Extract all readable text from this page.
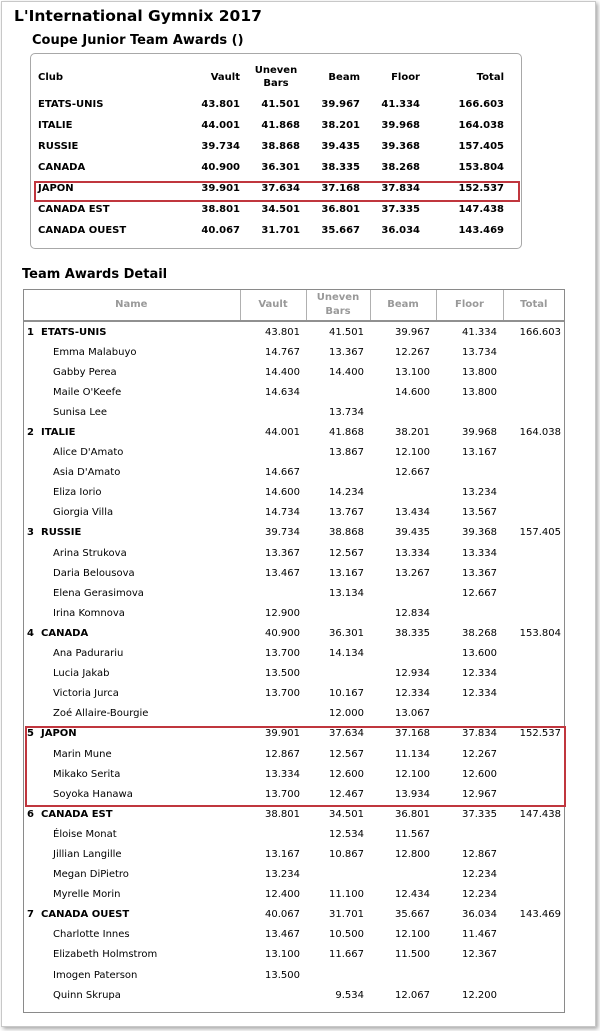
L'International Gymnix 2017
Coupe Junior Team Awards ()
Club	Vault	Uneven Bars	Beam	Floor	Total
ETATS-UNIS	43.801	41.501	39.967	41.334	166.603
ITALIE	44.001	41.868	38.201	39.968	164.038
RUSSIE	39.734	38.868	39.435	39.368	157.405
CANADA	40.900	36.301	38.335	38.268	153.804
JAPON	39.901	37.634	37.168	37.834	152.537
CANADA EST	38.801	34.501	36.801	37.335	147.438
CANADA OUEST	40.067	31.701	35.667	36.034	143.469
Team Awards Detail
Name	Vault	Uneven Bars	Beam	Floor	Total
1 ETATS-UNIS	43.801	41.501	39.967	41.334	166.603
Emma Malabuyo	14.767	13.367	12.267	13.734	
Gabby Perea	14.400	14.400	13.100	13.800	
Maile O'Keefe	14.634		14.600	13.800	
Sunisa Lee		13.734			
2 ITALIE	44.001	41.868	38.201	39.968	164.038
Alice D'Amato		13.867	12.100	13.167	
Asia D'Amato	14.667		12.667		
Eliza Iorio	14.600	14.234		13.234	
Giorgia Villa	14.734	13.767	13.434	13.567	
3 RUSSIE	39.734	38.868	39.435	39.368	157.405
Arina Strukova	13.367	12.567	13.334	13.334	
Daria Belousova	13.467	13.167	13.267	13.367	
Elena Gerasimova		13.134		12.667	
Irina Komnova	12.900		12.834		
4 CANADA	40.900	36.301	38.335	38.268	153.804
Ana Padurariu	13.700	14.134		13.600	
Lucia Jakab	13.500		12.934	12.334	
Victoria Jurca	13.700	10.167	12.334	12.334	
Zoé Allaire-Bourgie		12.000	13.067		
5 JAPON	39.901	37.634	37.168	37.834	152.537
Marin Mune	12.867	12.567	11.134	12.267	
Mikako Serita	13.334	12.600	12.100	12.600	
Soyoka Hanawa	13.700	12.467	13.934	12.967	
6 CANADA EST	38.801	34.501	36.801	37.335	147.438
Éloise Monat		12.534	11.567		
Jillian Langille	13.167	10.867	12.800	12.867	
Megan DiPietro	13.234			12.234	
Myrelle Morin	12.400	11.100	12.434	12.234	
7 CANADA OUEST	40.067	31.701	35.667	36.034	143.469
Charlotte Innes	13.467	10.500	12.100	11.467	
Elizabeth Holmstrom	13.100	11.667	11.500	12.367	
Imogen Paterson	13.500				
Quinn Skrupa		9.534	12.067	12.200	
